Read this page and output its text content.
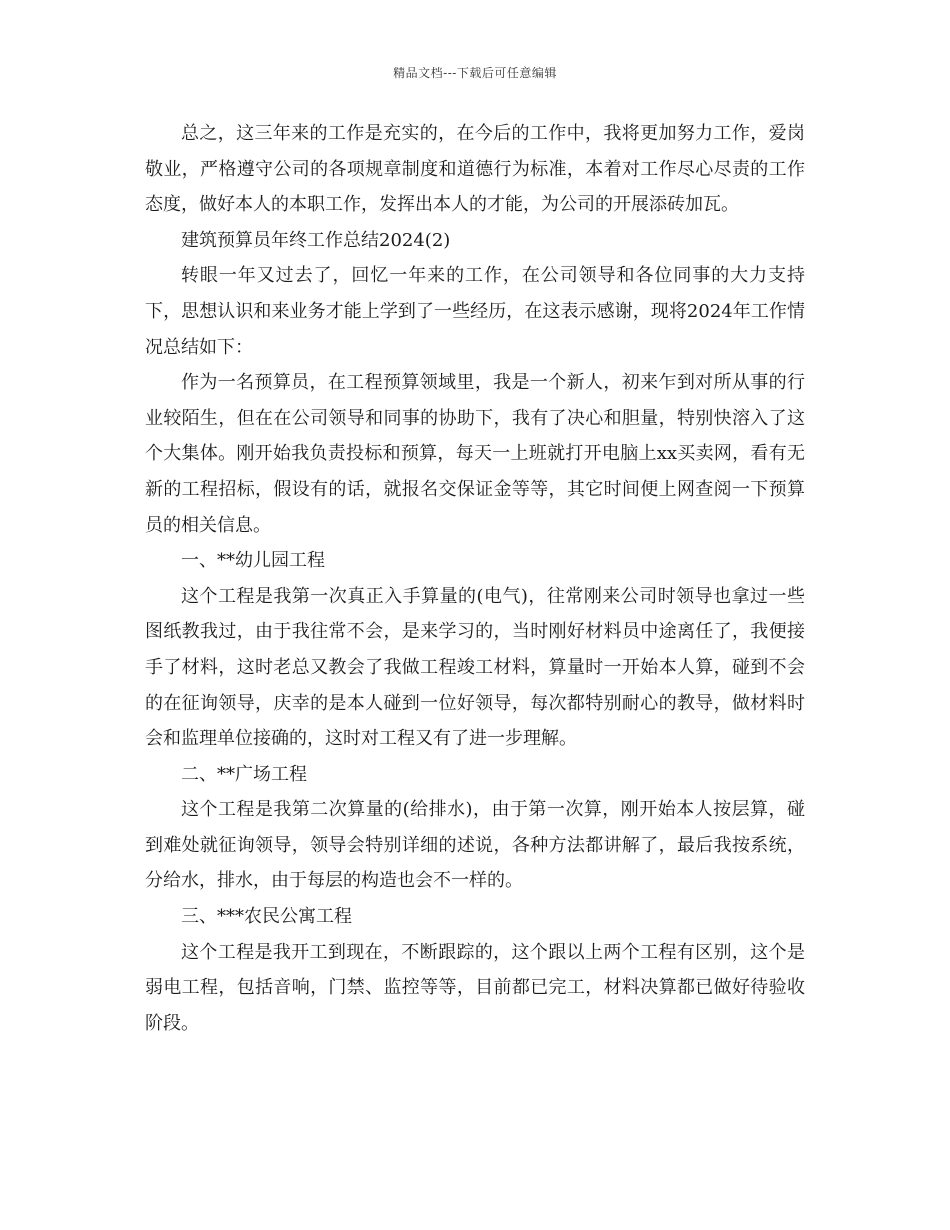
精品文档---下载后可任意编辑

总之，这三年来的工作是充实的，在今后的工作中，我将更加努力工作，爱岗敬业，严格遵守公司的各项规章制度和道德行为标准，本着对工作尽心尽责的工作态度，做好本人的本职工作，发挥出本人的才能，为公司的开展添砖加瓦。

建筑预算员年终工作总结2024(2)

转眼一年又过去了，回忆一年来的工作，在公司领导和各位同事的大力支持下，思想认识和来业务才能上学到了一些经历，在这表示感谢，现将2024年工作情况总结如下：

作为一名预算员，在工程预算领域里，我是一个新人，初来乍到对所从事的行业较陌生，但在在公司领导和同事的协助下，我有了决心和胆量，特别快溶入了这个大集体。刚开始我负责投标和预算，每天一上班就打开电脑上xx买卖网，看有无新的工程招标，假设有的话，就报名交保证金等等，其它时间便上网查阅一下预算员的相关信息。

一、**幼儿园工程

这个工程是我第一次真正入手算量的(电气)，往常刚来公司时领导也拿过一些图纸教我过，由于我往常不会，是来学习的，当时刚好材料员中途离任了，我便接手了材料，这时老总又教会了我做工程竣工材料，算量时一开始本人算，碰到不会的在征询领导，庆幸的是本人碰到一位好领导，每次都特别耐心的教导，做材料时会和监理单位接确的，这时对工程又有了进一步理解。

二、**广场工程

这个工程是我第二次算量的(给排水)，由于第一次算，刚开始本人按层算，碰到难处就征询领导，领导会特别详细的述说，各种方法都讲解了，最后我按系统，分给水，排水，由于每层的构造也会不一样的。

三、***农民公寓工程

这个工程是我开工到现在，不断跟踪的，这个跟以上两个工程有区别，这个是弱电工程，包括音响，门禁、监控等等，目前都已完工，材料决算都已做好待验收阶段。
